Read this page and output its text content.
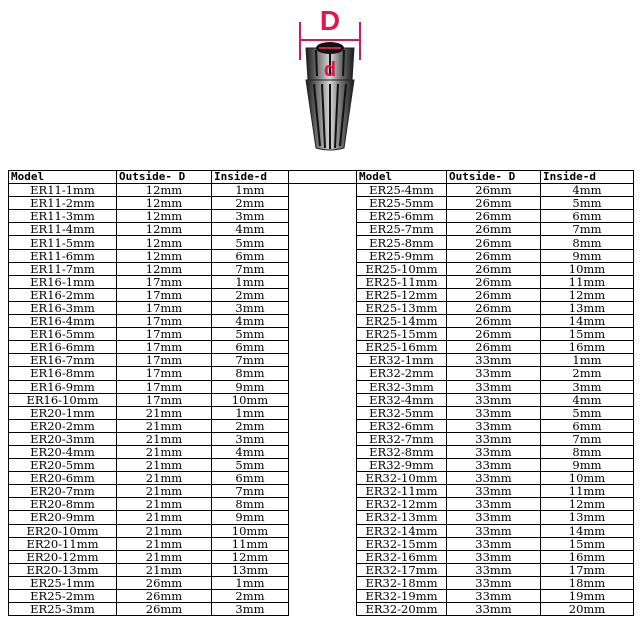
D
d
Model	Outside- D	Inside-d		Model	Outside- D	Inside-d
ER11-1mm	12mm	1mm		ER25-4mm	26mm	4mm
ER11-2mm	12mm	2mm		ER25-5mm	26mm	5mm
ER11-3mm	12mm	3mm		ER25-6mm	26mm	6mm
ER11-4mm	12mm	4mm		ER25-7mm	26mm	7mm
ER11-5mm	12mm	5mm		ER25-8mm	26mm	8mm
ER11-6mm	12mm	6mm		ER25-9mm	26mm	9mm
ER11-7mm	12mm	7mm		ER25-10mm	26mm	10mm
ER16-1mm	17mm	1mm		ER25-11mm	26mm	11mm
ER16-2mm	17mm	2mm		ER25-12mm	26mm	12mm
ER16-3mm	17mm	3mm		ER25-13mm	26mm	13mm
ER16-4mm	17mm	4mm		ER25-14mm	26mm	14mm
ER16-5mm	17mm	5mm		ER25-15mm	26mm	15mm
ER16-6mm	17mm	6mm		ER25-16mm	26mm	16mm
ER16-7mm	17mm	7mm		ER32-1mm	33mm	1mm
ER16-8mm	17mm	8mm		ER32-2mm	33mm	2mm
ER16-9mm	17mm	9mm		ER32-3mm	33mm	3mm
ER16-10mm	17mm	10mm		ER32-4mm	33mm	4mm
ER20-1mm	21mm	1mm		ER32-5mm	33mm	5mm
ER20-2mm	21mm	2mm		ER32-6mm	33mm	6mm
ER20-3mm	21mm	3mm		ER32-7mm	33mm	7mm
ER20-4mm	21mm	4mm		ER32-8mm	33mm	8mm
ER20-5mm	21mm	5mm		ER32-9mm	33mm	9mm
ER20-6mm	21mm	6mm		ER32-10mm	33mm	10mm
ER20-7mm	21mm	7mm		ER32-11mm	33mm	11mm
ER20-8mm	21mm	8mm		ER32-12mm	33mm	12mm
ER20-9mm	21mm	9mm		ER32-13mm	33mm	13mm
ER20-10mm	21mm	10mm		ER32-14mm	33mm	14mm
ER20-11mm	21mm	11mm		ER32-15mm	33mm	15mm
ER20-12mm	21mm	12mm		ER32-16mm	33mm	16mm
ER20-13mm	21mm	13mm		ER32-17mm	33mm	17mm
ER25-1mm	26mm	1mm		ER32-18mm	33mm	18mm
ER25-2mm	26mm	2mm		ER32-19mm	33mm	19mm
ER25-3mm	26mm	3mm		ER32-20mm	33mm	20mm
